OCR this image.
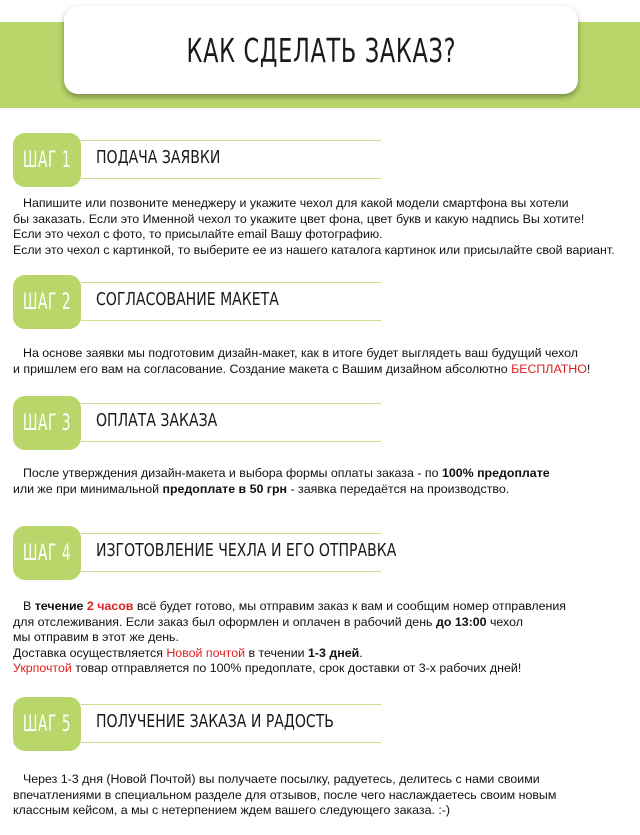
КАК СДЕЛАТЬ ЗАКАЗ?
ШАГ 1 ПОДАЧА ЗАЯВКИ

Напишите или позвоните менеджеру и укажите чехол для какой модели смартфона вы хотели

бы заказать. Если это Именной чехол то укажите цвет фона, цвет букв и какую надпись Вы хотите!

Если это чехол с фото, то присылайте email Вашу фотографию.

Если это чехол с картинкой, то выберите ее из нашего каталога картинок или присылайте свой вариант.

ШАГ 2 СОГЛАСОВАНИЕ МАКЕТА

На основе заявки мы подготовим дизайн-макет, как в итоге будет выглядеть ваш будущий чехол

и пришлем его вам на согласование. Создание макета с Вашим дизайном абсолютно БЕСПЛАТНО!

ШАГ 3 ОПЛАТА ЗАКАЗА

После утверждения дизайн-макета и выбора формы оплаты заказа - по 100% предоплате

или же при минимальной предоплате в 50 грн - заявка передаётся на производство.

ШАГ 4 ИЗГОТОВЛЕНИЕ ЧЕХЛА И ЕГО ОТПРАВКА

В течение 2 часов всё будет готово, мы отправим заказ к вам и сообщим номер отправления

для отслеживания. Если заказ был оформлен и оплачен в рабочий день до 13:00 чехол

мы отправим в этот же день.

Доставка осуществляется Новой почтой в течении 1-3 дней.

Укрпочтой товар отправляется по 100% предоплате, срок доставки от 3-х рабочих дней!

ШАГ 5 ПОЛУЧЕНИЕ ЗАКАЗА И РАДОСТЬ

Через 1-3 дня (Новой Почтой) вы получаете посылку, радуетесь, делитесь с нами своими

впечатлениями в специальном разделе для отзывов, после чего наслаждаетесь своим новым

классным кейсом, а мы с нетерпением ждем вашего следующего заказа. :-)
